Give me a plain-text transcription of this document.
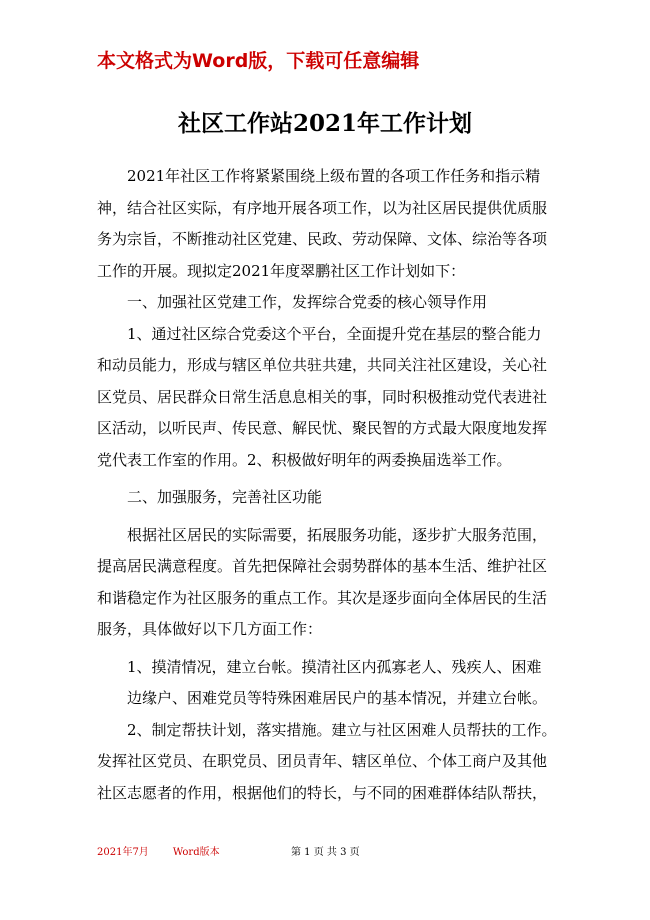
本文格式为Word版，下载可任意编辑
社区工作站2021年工作计划
2021年社区工作将紧紧围绕上级布置的各项工作任务和指示精
神，结合社区实际，有序地开展各项工作，以为社区居民提供优质服
务为宗旨，不断推动社区党建、民政、劳动保障、文体、综治等各项
工作的开展。现拟定2021年度翠鹏社区工作计划如下：
一、加强社区党建工作，发挥综合党委的核心领导作用
1、通过社区综合党委这个平台，全面提升党在基层的整合能力
和动员能力，形成与辖区单位共驻共建，共同关注社区建设，关心社
区党员、居民群众日常生活息息相关的事，同时积极推动党代表进社
区活动，以听民声、传民意、解民忧、聚民智的方式最大限度地发挥
党代表工作室的作用。2、积极做好明年的两委换届选举工作。
二、加强服务，完善社区功能
根据社区居民的实际需要，拓展服务功能，逐步扩大服务范围，
提高居民满意程度。首先把保障社会弱势群体的基本生活、维护社区
和谐稳定作为社区服务的重点工作。其次是逐步面向全体居民的生活
服务，具体做好以下几方面工作：
1、摸清情况，建立台帐。摸清社区内孤寡老人、残疾人、困难
边缘户、困难党员等特殊困难居民户的基本情况，并建立台帐。
2、制定帮扶计划，落实措施。建立与社区困难人员帮扶的工作。
发挥社区党员、在职党员、团员青年、辖区单位、个体工商户及其他
社区志愿者的作用，根据他们的特长，与不同的困难群体结队帮扶，
2021年7月 Word版本	第 1 页 共 3 页
